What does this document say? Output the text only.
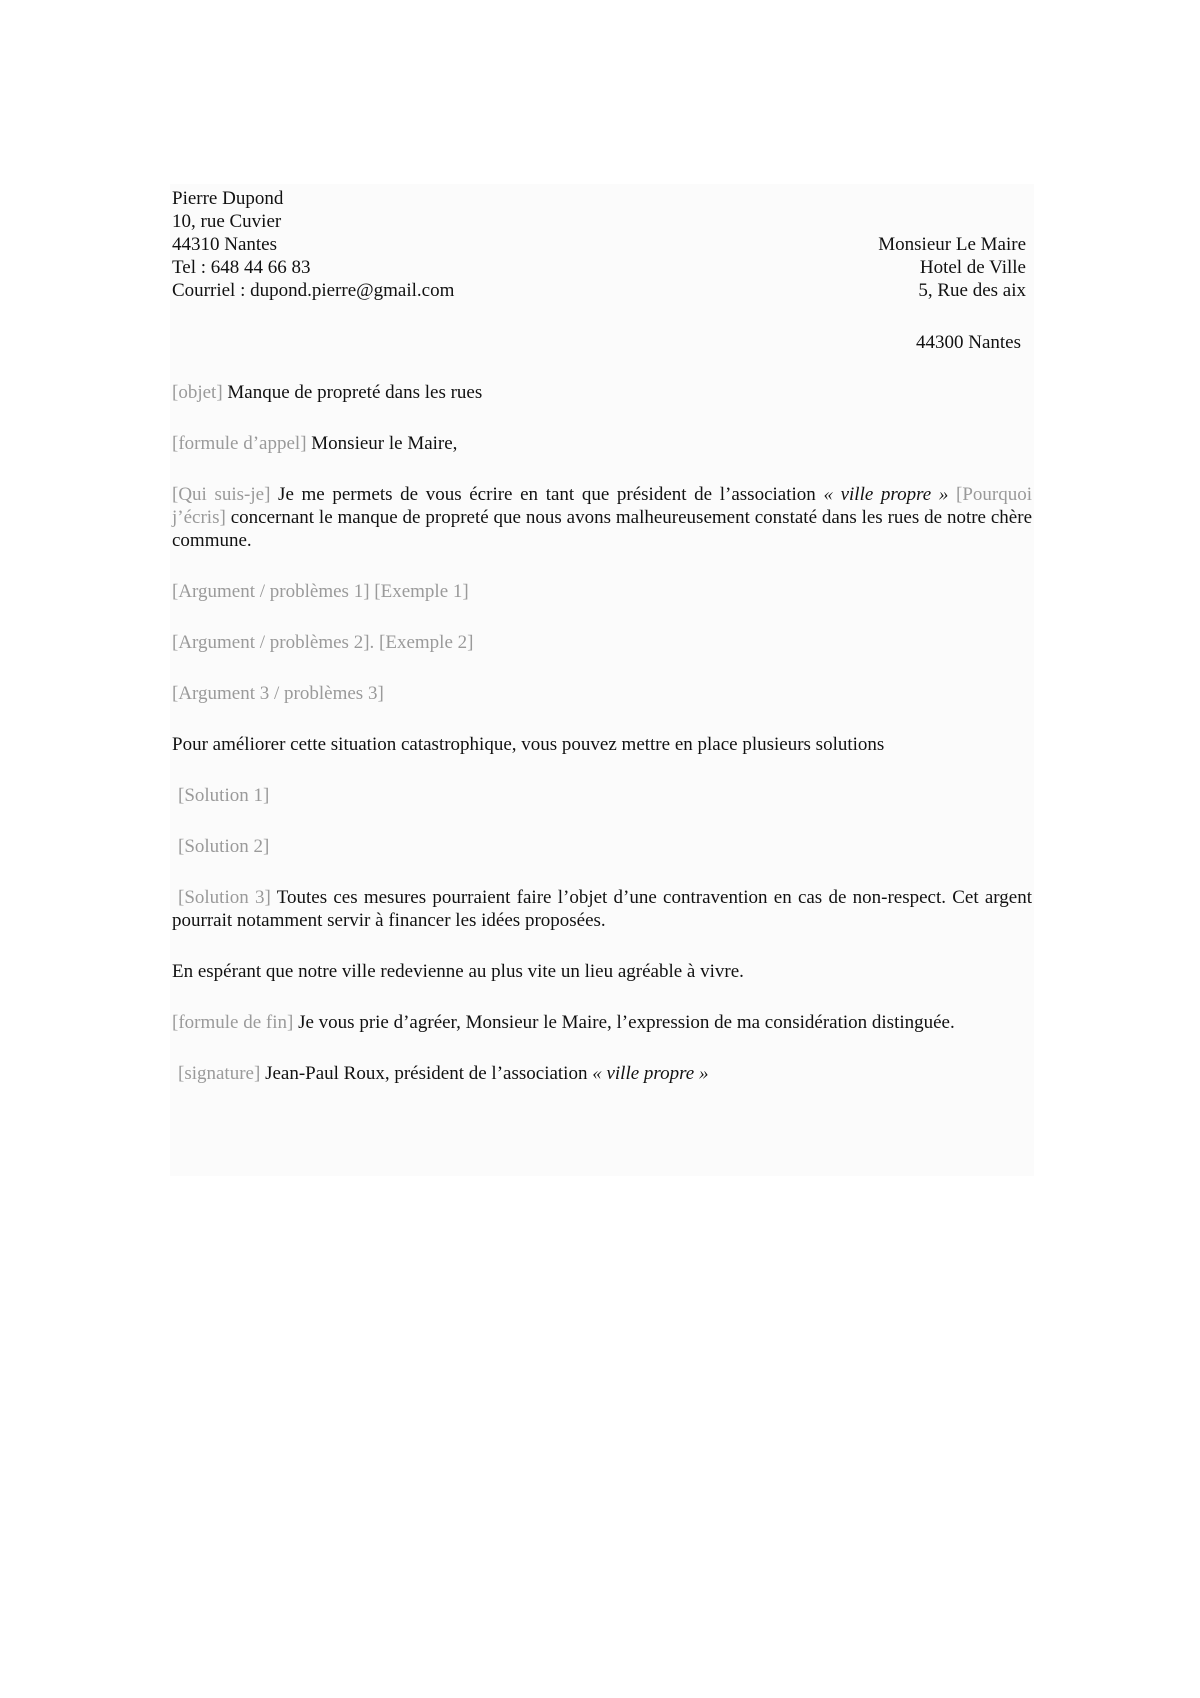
Pierre Dupond
10, rue Cuvier
44310 Nantes
Tel : 648 44 66 83
Courriel : dupond.pierre@gmail.com
Monsieur Le Maire
Hotel de Ville
5, Rue des aix
44300 Nantes

[objet] Manque de propreté dans les rues

[formule d’appel] Monsieur le Maire,

[Qui suis-je] Je me permets de vous écrire en tant que président de l’association « ville propre » [Pourquoi j’écris] concernant le manque de propreté que nous avons malheureusement constaté dans les rues de notre chère commune.

[Argument / problèmes 1] [Exemple 1]

[Argument / problèmes 2]. [Exemple 2]

[Argument 3 / problèmes 3]

Pour améliorer cette situation catastrophique, vous pouvez mettre en place plusieurs solutions

[Solution 1]

[Solution 2]

[Solution 3] Toutes ces mesures pourraient faire l’objet d’une contravention en cas de non-respect. Cet argent pourrait notamment servir à financer les idées proposées.

En espérant que notre ville redevienne au plus vite un lieu agréable à vivre.

[formule de fin] Je vous prie d’agréer, Monsieur le Maire, l’expression de ma considération distinguée.

[signature] Jean-Paul Roux, président de l’association « ville propre »
